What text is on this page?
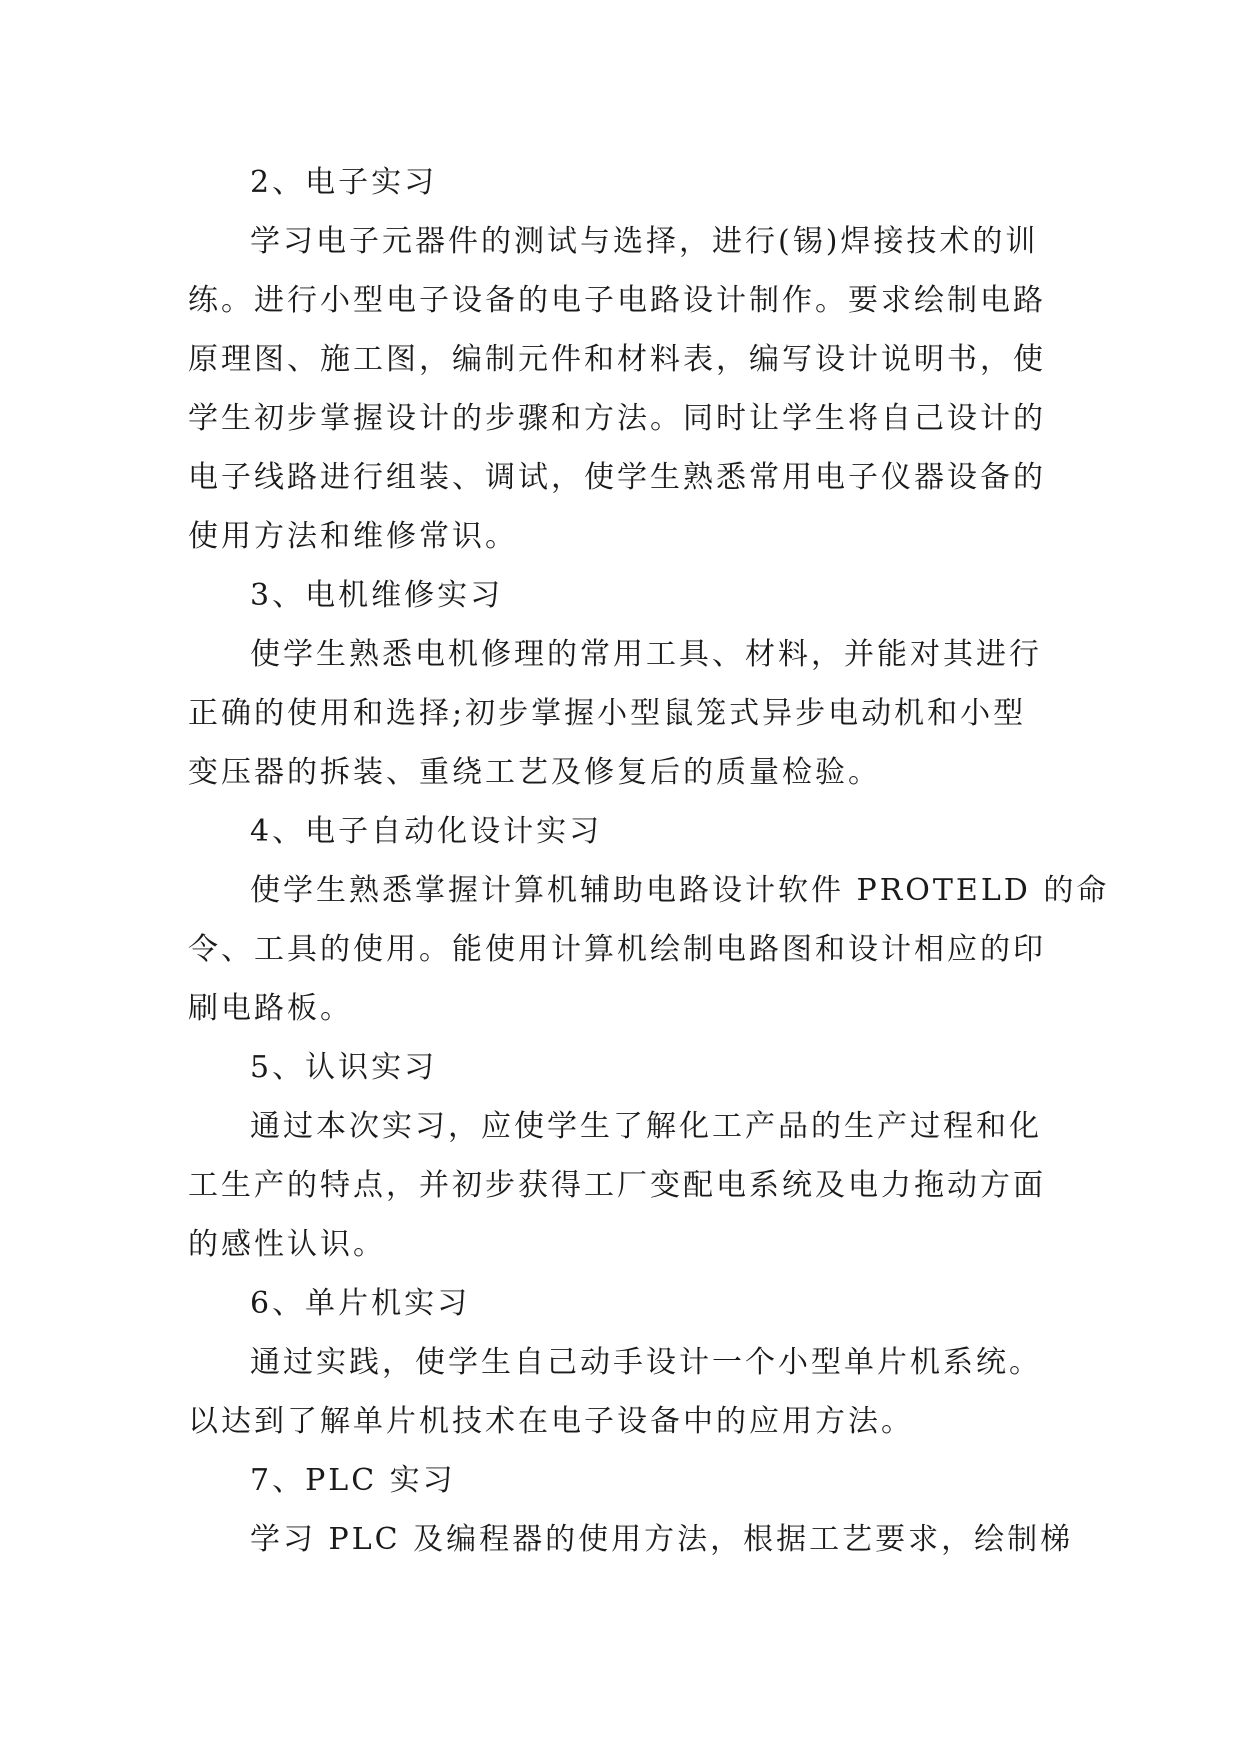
2、电子实习
学习电子元器件的测试与选择，进行(锡)焊接技术的训
练。进行小型电子设备的电子电路设计制作。要求绘制电路
原理图、施工图，编制元件和材料表，编写设计说明书，使
学生初步掌握设计的步骤和方法。同时让学生将自己设计的
电子线路进行组装、调试，使学生熟悉常用电子仪器设备的
使用方法和维修常识。
3、电机维修实习
使学生熟悉电机修理的常用工具、材料，并能对其进行
正确的使用和选择;初步掌握小型鼠笼式异步电动机和小型
变压器的拆装、重绕工艺及修复后的质量检验。
4、电子自动化设计实习
使学生熟悉掌握计算机辅助电路设计软件 PROTELD 的命
令、工具的使用。能使用计算机绘制电路图和设计相应的印
刷电路板。
5、认识实习
通过本次实习，应使学生了解化工产品的生产过程和化
工生产的特点，并初步获得工厂变配电系统及电力拖动方面
的感性认识。
6、单片机实习
通过实践，使学生自己动手设计一个小型单片机系统。
以达到了解单片机技术在电子设备中的应用方法。
7、PLC 实习
学习 PLC 及编程器的使用方法，根据工艺要求，绘制梯
